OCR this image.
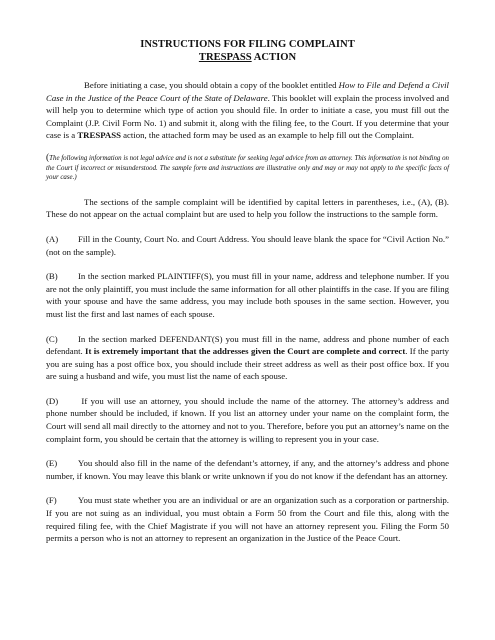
INSTRUCTIONS FOR FILING COMPLAINT
TRESPASS ACTION

Before initiating a case, you should obtain a copy of the booklet entitled How to File and Defend a Civil Case in the Justice of the Peace Court of the State of Delaware. This booklet will explain the process involved and will help you to determine which type of action you should file. In order to initiate a case, you must fill out the Complaint (J.P. Civil Form No. 1) and submit it, along with the filing fee, to the Court. If you determine that your case is a TRESPASS action, the attached form may be used as an example to help fill out the Complaint.

(The following information is not legal advice and is not a substitute for seeking legal advice from an attorney. This information is not binding on the Court if incorrect or misunderstood. The sample form and instructions are illustrative only and may or may not apply to the specific facts of your case.)

The sections of the sample complaint will be identified by capital letters in parentheses, i.e., (A), (B). These do not appear on the actual complaint but are used to help you follow the instructions to the sample form.

(A) Fill in the County, Court No. and Court Address. You should leave blank the space for “Civil Action No.” (not on the sample).

(B) In the section marked PLAINTIFF(S), you must fill in your name, address and telephone number. If you are not the only plaintiff, you must include the same information for all other plaintiffs in the case. If you are filing with your spouse and have the same address, you may include both spouses in the same section. However, you must list the first and last names of each spouse.

(C) In the section marked DEFENDANT(S) you must fill in the name, address and phone number of each defendant. It is extremely important that the addresses given the Court are complete and correct. If the party you are suing has a post office box, you should include their street address as well as their post office box. If you are suing a husband and wife, you must list the name of each spouse.

(D) If you will use an attorney, you should include the name of the attorney. The attorney’s address and phone number should be included, if known. If you list an attorney under your name on the complaint form, the Court will send all mail directly to the attorney and not to you. Therefore, before you put an attorney’s name on the complaint form, you should be certain that the attorney is willing to represent you in your case.

(E) You should also fill in the name of the defendant’s attorney, if any, and the attorney’s address and phone number, if known. You may leave this blank or write unknown if you do not know if the defendant has an attorney.

(F) You must state whether you are an individual or are an organization such as a corporation or partnership. If you are not suing as an individual, you must obtain a Form 50 from the Court and file this, along with the required filing fee, with the Chief Magistrate if you will not have an attorney represent you. Filing the Form 50 permits a person who is not an attorney to represent an organization in the Justice of the Peace Court.
